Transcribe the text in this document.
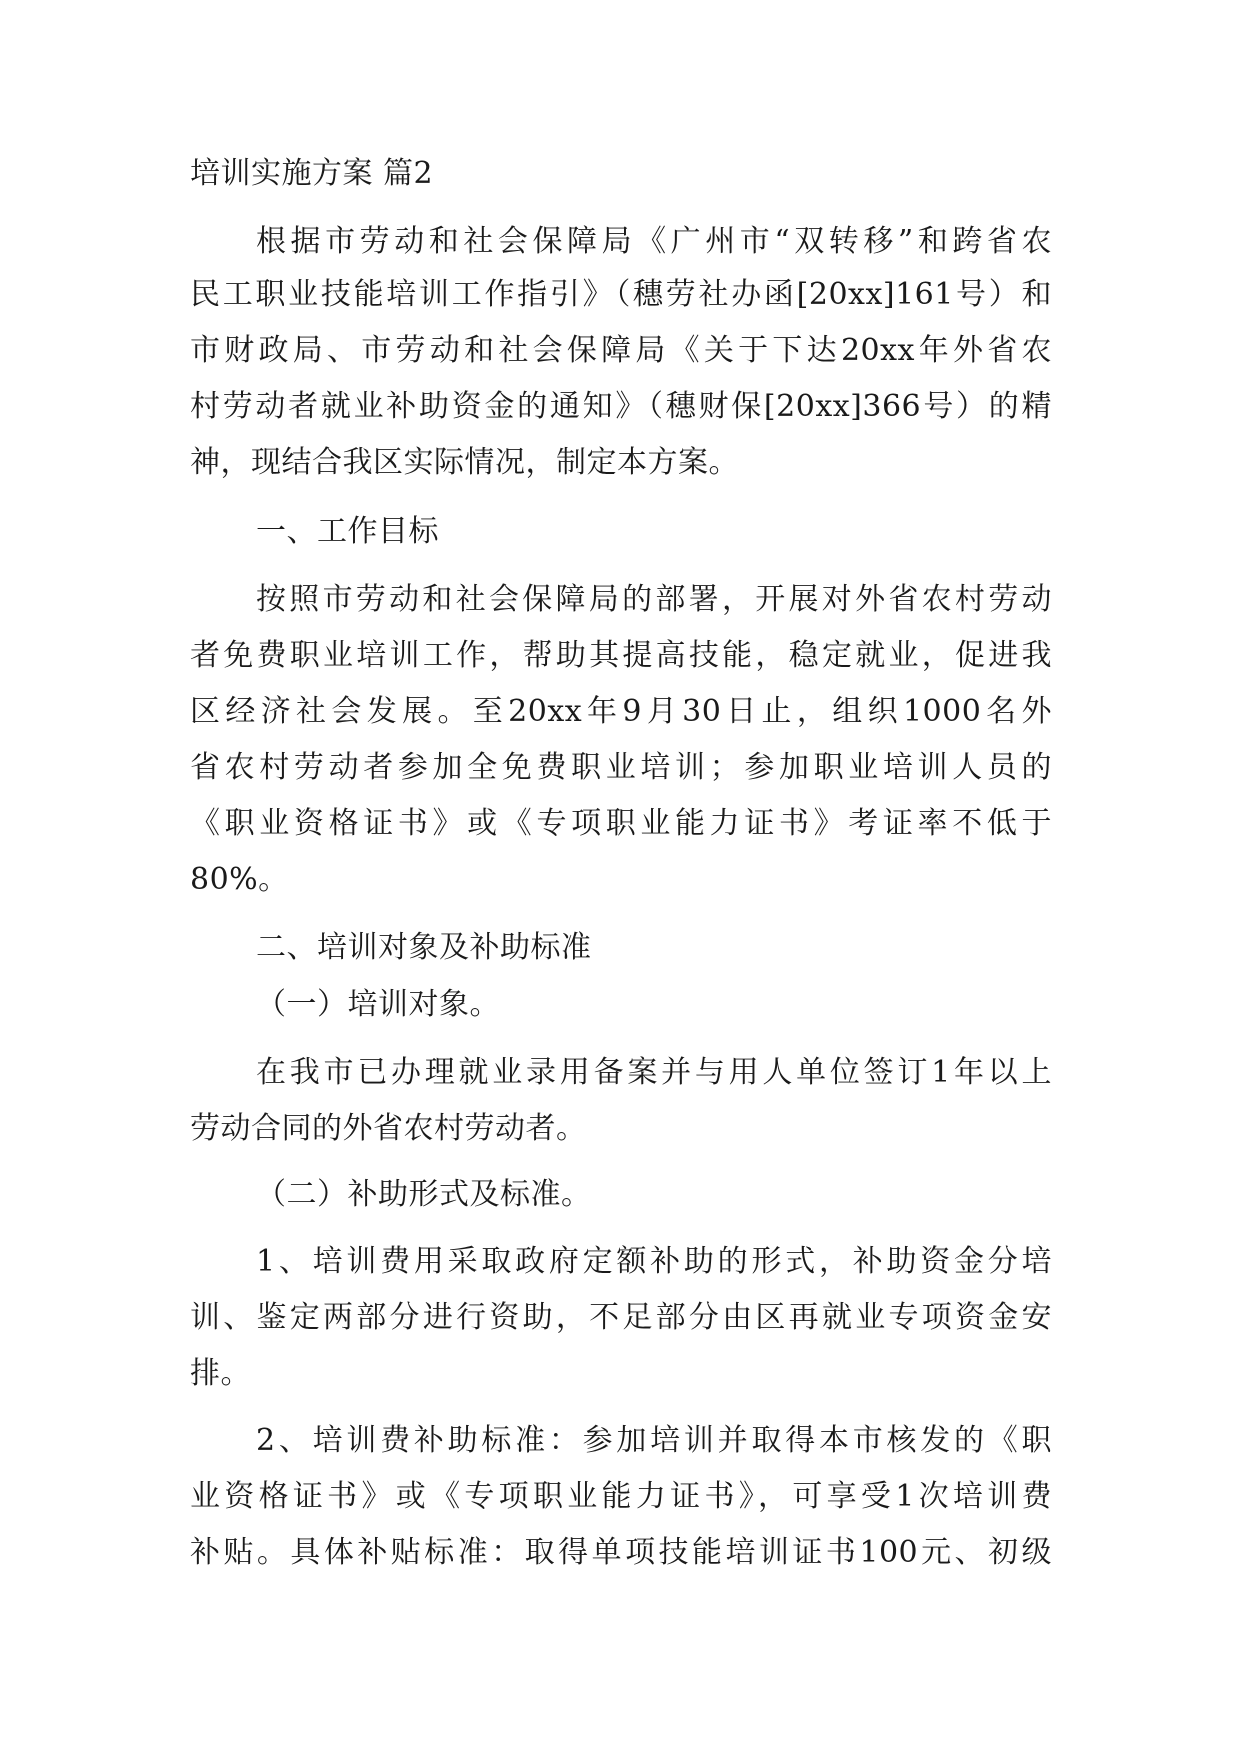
培训实施方案 篇2
根据市劳动和社会保障局《广州市“双转移”和跨省农
民工职业技能培训工作指引》（穗劳社办函[20xx]161号）和
市财政局、市劳动和社会保障局《关于下达20xx年外省农
村劳动者就业补助资金的通知》（穗财保[20xx]366号）的精
神，现结合我区实际情况，制定本方案。
一、工作目标
按照市劳动和社会保障局的部署，开展对外省农村劳动
者免费职业培训工作，帮助其提高技能，稳定就业，促进我
区经济社会发展。至20xx年9月30日止，组织1000名外
省农村劳动者参加全免费职业培训；参加职业培训人员的
《职业资格证书》或《专项职业能力证书》考证率不低于
80%。
二、培训对象及补助标准
（一）培训对象。
在我市已办理就业录用备案并与用人单位签订1年以上
劳动合同的外省农村劳动者。
（二）补助形式及标准。
1、培训费用采取政府定额补助的形式，补助资金分培
训、鉴定两部分进行资助，不足部分由区再就业专项资金安
排。
2、培训费补助标准：参加培训并取得本市核发的《职
业资格证书》或《专项职业能力证书》，可享受1次培训费
补贴。具体补贴标准：取得单项技能培训证书100元、初级
